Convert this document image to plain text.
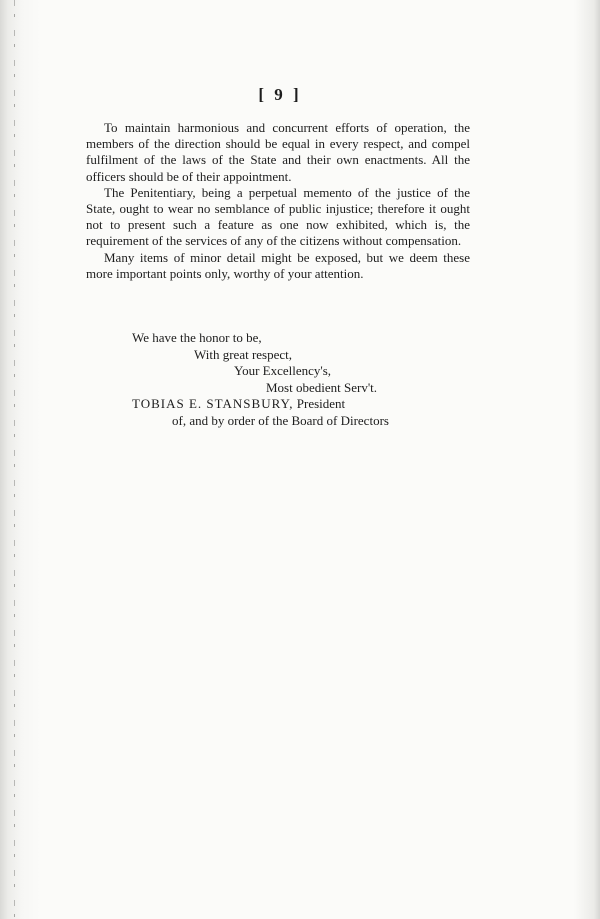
[ 9 ]

To maintain harmonious and concurrent efforts of operation, the members of the direction should be equal in every respect, and compel fulfilment of the laws of the State and their own enactments. All the officers should be of their appointment.

The Penitentiary, being a perpetual memento of the justice of the State, ought to wear no semblance of public injustice; therefore it ought not to present such a feature as one now exhibited, which is, the requirement of the services of any of the citizens without compensation.

Many items of minor detail might be exposed, but we deem these more important points only, worthy of your attention.

We have the honor to be,
With great respect,
Your Excellency's,
Most obedient Serv't.
TOBIAS E. STANSBURY, President
of, and by order of the Board of Directors
